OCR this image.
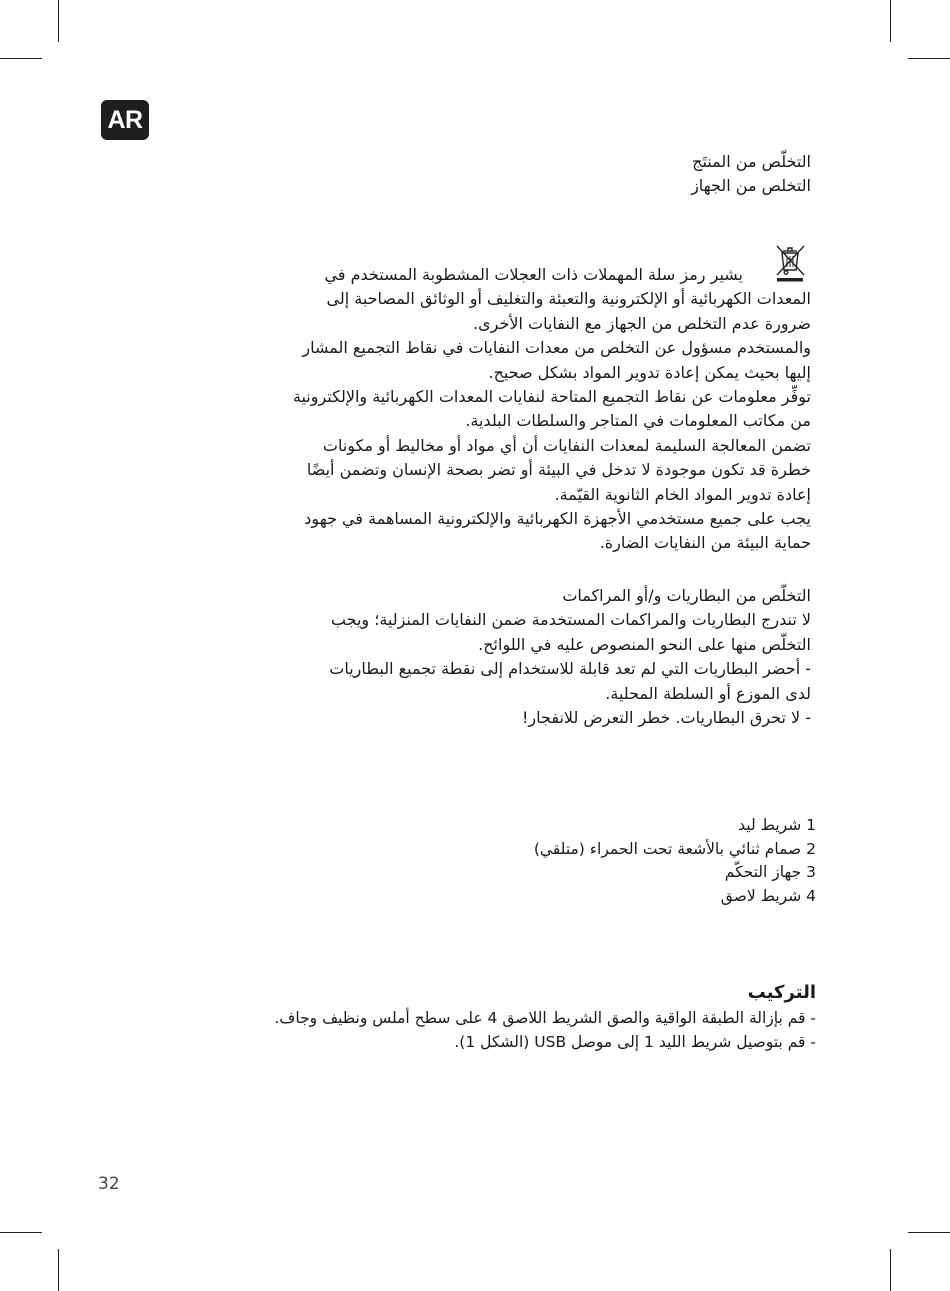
AR
التخلّص من المنتَج
التخلص من الجهاز
يشير رمز سلة المهملات ذات العجلات المشطوبة المستخدم في
المعدات الكهربائية أو الإلكترونية والتعبئة والتغليف أو الوثائق المصاحبة إلى
ضرورة عدم التخلص من الجهاز مع النفايات الأخرى.
والمستخدم مسؤول عن التخلص من معدات النفايات في نقاط التجميع المشار
إليها بحيث يمكن إعادة تدوير المواد بشكل صحيح.
توفِّر معلومات عن نقاط التجميع المتاحة لنفايات المعدات الكهربائية والإلكترونية
من مكاتب المعلومات في المتاجر والسلطات البلدية.
تضمن المعالجة السليمة لمعدات النفايات أن أي مواد أو مخاليط أو مكونات
خطرة قد تكون موجودة لا تدخل في البيئة أو تضر بصحة الإنسان وتضمن أيضًا
إعادة تدوير المواد الخام الثانوية القيّمة.
يجب على جميع مستخدمي الأجهزة الكهربائية والإلكترونية المساهمة في جهود
حماية البيئة من النفايات الضارة.
التخلّص من البطاريات و/أو المراكمات
لا تندرج البطاريات والمراكمات المستخدمة ضمن النفايات المنزلية؛ ويجب
التخلّص منها على النحو المنصوص عليه في اللوائح.
- أحضر البطاريات التي لم تعد قابلة للاستخدام إلى نقطة تجميع البطاريات
لدى الموزع أو السلطة المحلية.
- لا تحرق البطاريات. خطر التعرض للانفجار!
1 شريط ليد
2 صمام ثنائي بالأشعة تحت الحمراء (متلقي)
3 جهاز التحكّم
4 شريط لاصق
التركيب
- قم بإزالة الطبقة الواقية والصق الشريط اللاصق 4 على سطح أملس ونظيف وجاف.
- قم بتوصيل شريط الليد 1 إلى موصل USB (الشكل 1).
32
